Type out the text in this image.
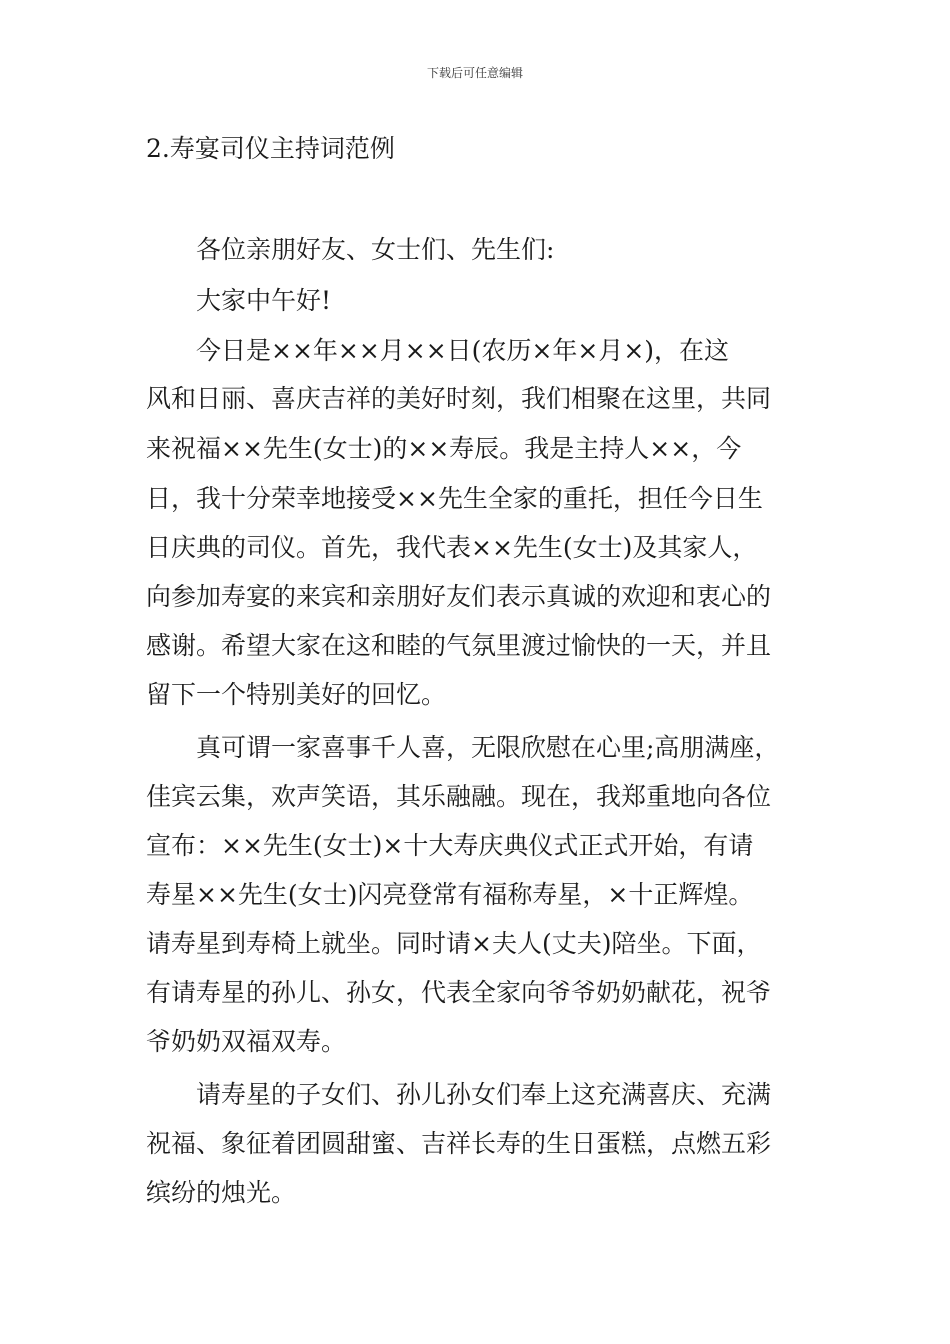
下载后可任意编辑
2.寿宴司仪主持词范例

各位亲朋好友、女士们、先生们:

大家中午好!

今日是××年××月××日(农历×年×月×)，在这

风和日丽、喜庆吉祥的美好时刻，我们相聚在这里，共同

来祝福××先生(女士)的××寿辰。我是主持人××，今

日，我十分荣幸地接受××先生全家的重托，担任今日生

日庆典的司仪。首先，我代表××先生(女士)及其家人，

向参加寿宴的来宾和亲朋好友们表示真诚的欢迎和衷心的

感谢。希望大家在这和睦的气氛里渡过愉快的一天，并且

留下一个特别美好的回忆。

真可谓一家喜事千人喜，无限欣慰在心里;高朋满座，

佳宾云集，欢声笑语，其乐融融。现在，我郑重地向各位

宣布：××先生(女士)×十大寿庆典仪式正式开始，有请

寿星××先生(女士)闪亮登常有福称寿星，×十正辉煌。

请寿星到寿椅上就坐。同时请×夫人(丈夫)陪坐。下面，

有请寿星的孙儿、孙女，代表全家向爷爷奶奶献花，祝爷

爷奶奶双福双寿。

请寿星的子女们、孙儿孙女们奉上这充满喜庆、充满

祝福、象征着团圆甜蜜、吉祥长寿的生日蛋糕，点燃五彩

缤纷的烛光。
